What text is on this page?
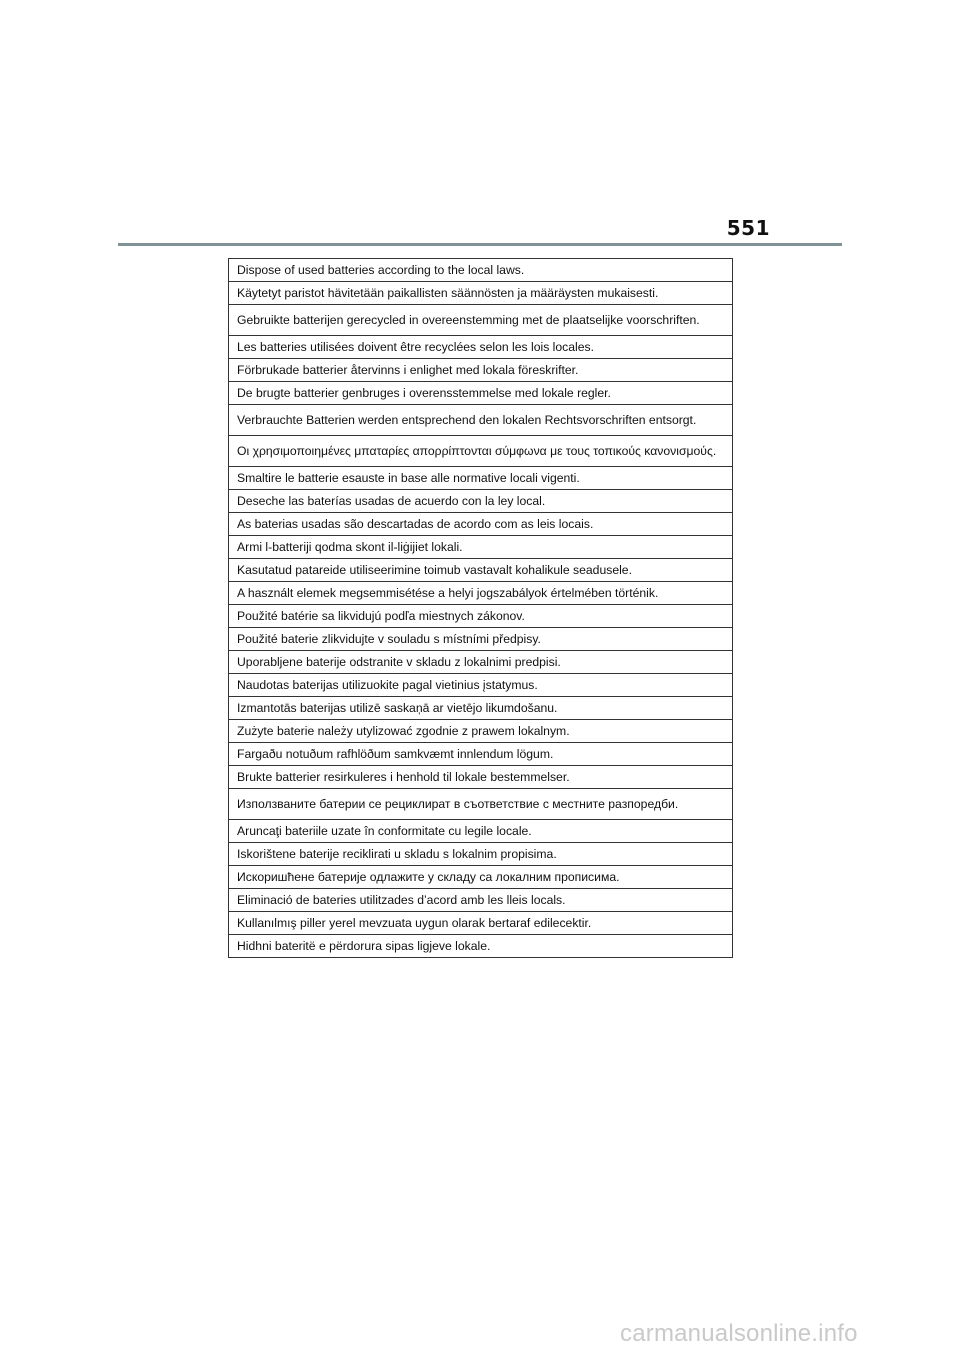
551
Dispose of used batteries according to the local laws.
Käytetyt paristot hävitetään paikallisten säännösten ja määräysten mukaisesti.
Gebruikte batterijen gerecycled in overeenstemming met de plaatselijke voorschriften.
Les batteries utilisées doivent être recyclées selon les lois locales.
Förbrukade batterier återvinns i enlighet med lokala föreskrifter.
De brugte batterier genbruges i overensstemmelse med lokale regler.
Verbrauchte Batterien werden entsprechend den lokalen Rechtsvorschriften entsorgt.
Οι χρησιμοποιημένες μπαταρίες απορρίπτονται σύμφωνα με τους τοπικούς κανονισμούς.
Smaltire le batterie esauste in base alle normative locali vigenti.
Deseche las baterías usadas de acuerdo con la ley local.
As baterias usadas são descartadas de acordo com as leis locais.
Armi l-batteriji qodma skont il-liġijiet lokali.
Kasutatud patareide utiliseerimine toimub vastavalt kohalikule seadusele.
A használt elemek megsemmisétése a helyi jogszabályok értelmében történik.
Použité batérie sa likvidujú podľa miestnych zákonov.
Použité baterie zlikvidujte v souladu s místními předpisy.
Uporabljene baterije odstranite v skladu z lokalnimi predpisi.
Naudotas baterijas utilizuokite pagal vietinius įstatymus.
Izmantotās baterijas utilizē saskaņā ar vietējo likumdošanu.
Zużyte baterie należy utylizować zgodnie z prawem lokalnym.
Fargaðu notuðum rafhlöðum samkvæmt innlendum lögum.
Brukte batterier resirkuleres i henhold til lokale bestemmelser.
Използваните батерии се рециклират в съответствие с местните разпоредби.
Aruncaţi bateriile uzate în conformitate cu legile locale.
Iskorištene baterije reciklirati u skladu s lokalnim propisima.
Искоришћене батерије одлажите у складу са локалним прописима.
Eliminació de bateries utilitzades d’acord amb les lleis locals.
Kullanılmış piller yerel mevzuata uygun olarak bertaraf edilecektir.
Hidhni bateritë e përdorura sipas ligjeve lokale.
carmanualsonline.info
